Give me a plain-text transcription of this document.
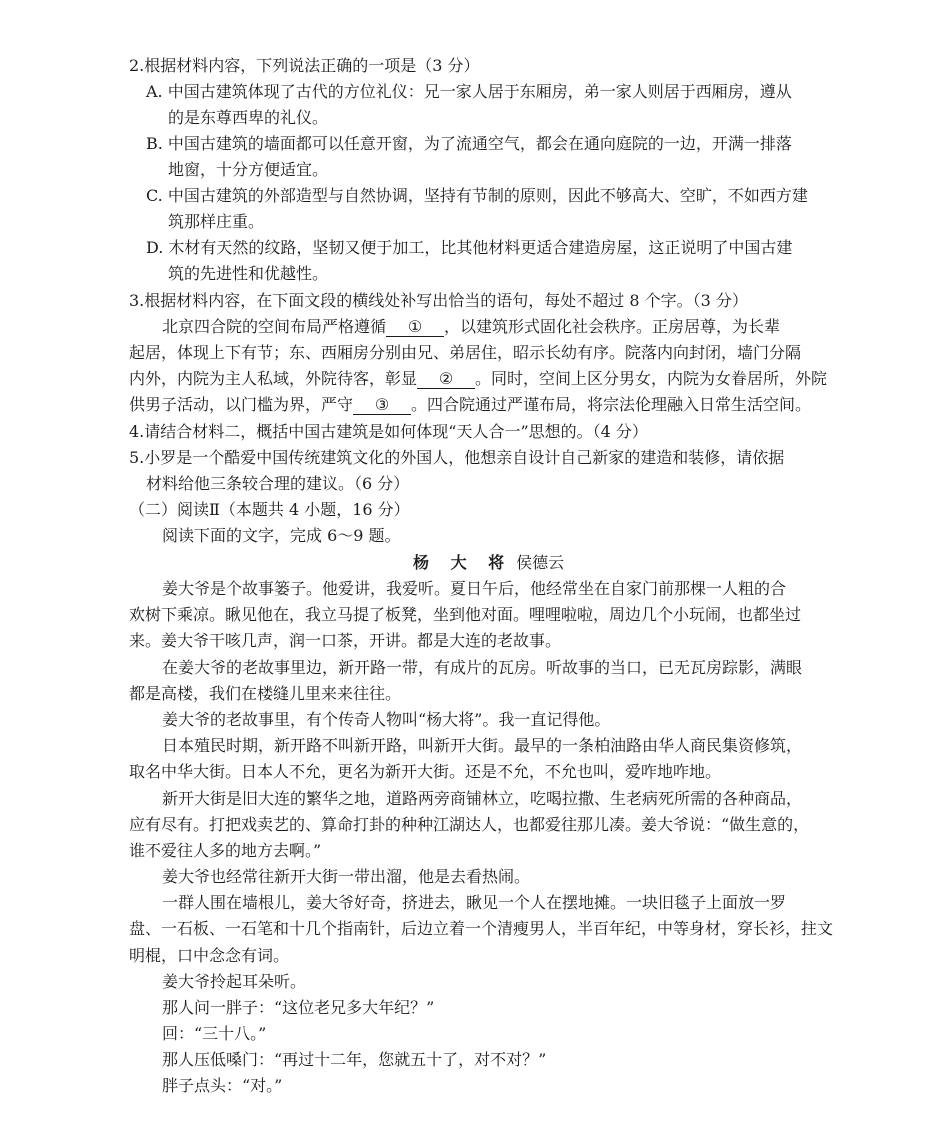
2.根据材料内容，下列说法正确的一项是（3 分）
A. 中国古建筑体现了古代的方位礼仪：兄一家人居于东厢房，弟一家人则居于西厢房，遵从
的是东尊西卑的礼仪。
B. 中国古建筑的墙面都可以任意开窗，为了流通空气，都会在通向庭院的一边，开满一排落
地窗，十分方便适宜。
C. 中国古建筑的外部造型与自然协调，坚持有节制的原则，因此不够高大、空旷，不如西方建
筑那样庄重。
D. 木材有天然的纹路，坚韧又便于加工，比其他材料更适合建造房屋，这正说明了中国古建
筑的先进性和优越性。
3.根据材料内容，在下面文段的横线处补写出恰当的语句，每处不超过 8 个字。（3 分）
北京四合院的空间布局严格遵循 ① ，以建筑形式固化社会秩序。正房居尊，为长辈
起居，体现上下有节；东、西厢房分别由兄、弟居住，昭示长幼有序。院落内向封闭，墙门分隔
内外，内院为主人私域，外院待客，彰显 ② 。同时，空间上区分男女，内院为女眷居所，外院
供男子活动，以门槛为界，严守 ③ 。四合院通过严谨布局，将宗法伦理融入日常生活空间。
4.请结合材料二，概括中国古建筑是如何体现“天人合一”思想的。（4 分）
5.小罗是一个酷爱中国传统建筑文化的外国人，他想亲自设计自己新家的建造和装修，请依据
材料给他三条较合理的建议。（6 分）
（二）阅读Ⅱ（本题共 4 小题，16 分）
阅读下面的文字，完成 6～9 题。
杨 大 将 侯德云
姜大爷是个故事篓子。他爱讲，我爱听。夏日午后，他经常坐在自家门前那棵一人粗的合
欢树下乘凉。瞅见他在，我立马提了板凳，坐到他对面。哩哩啦啦，周边几个小玩闹，也都坐过
来。姜大爷干咳几声，润一口茶，开讲。都是大连的老故事。
在姜大爷的老故事里边，新开路一带，有成片的瓦房。听故事的当口，已无瓦房踪影，满眼
都是高楼，我们在楼缝儿里来来往往。
姜大爷的老故事里，有个传奇人物叫“杨大将”。我一直记得他。
日本殖民时期，新开路不叫新开路，叫新开大街。最早的一条柏油路由华人商民集资修筑，
取名中华大街。日本人不允，更名为新开大街。还是不允，不允也叫，爱咋地咋地。
新开大街是旧大连的繁华之地，道路两旁商铺林立，吃喝拉撒、生老病死所需的各种商品，
应有尽有。打把戏卖艺的、算命打卦的种种江湖达人，也都爱往那儿凑。姜大爷说：“做生意的，
谁不爱往人多的地方去啊。”
姜大爷也经常往新开大街一带出溜，他是去看热闹。
一群人围在墙根儿，姜大爷好奇，挤进去，瞅见一个人在摆地摊。一块旧毯子上面放一罗
盘、一石板、一石笔和十几个指南针，后边立着一个清瘦男人，半百年纪，中等身材，穿长衫，拄文
明棍，口中念念有词。
姜大爷拎起耳朵听。
那人问一胖子：“这位老兄多大年纪？”
回：“三十八。”
那人压低嗓门：“再过十二年，您就五十了，对不对？”
胖子点头：“对。”
